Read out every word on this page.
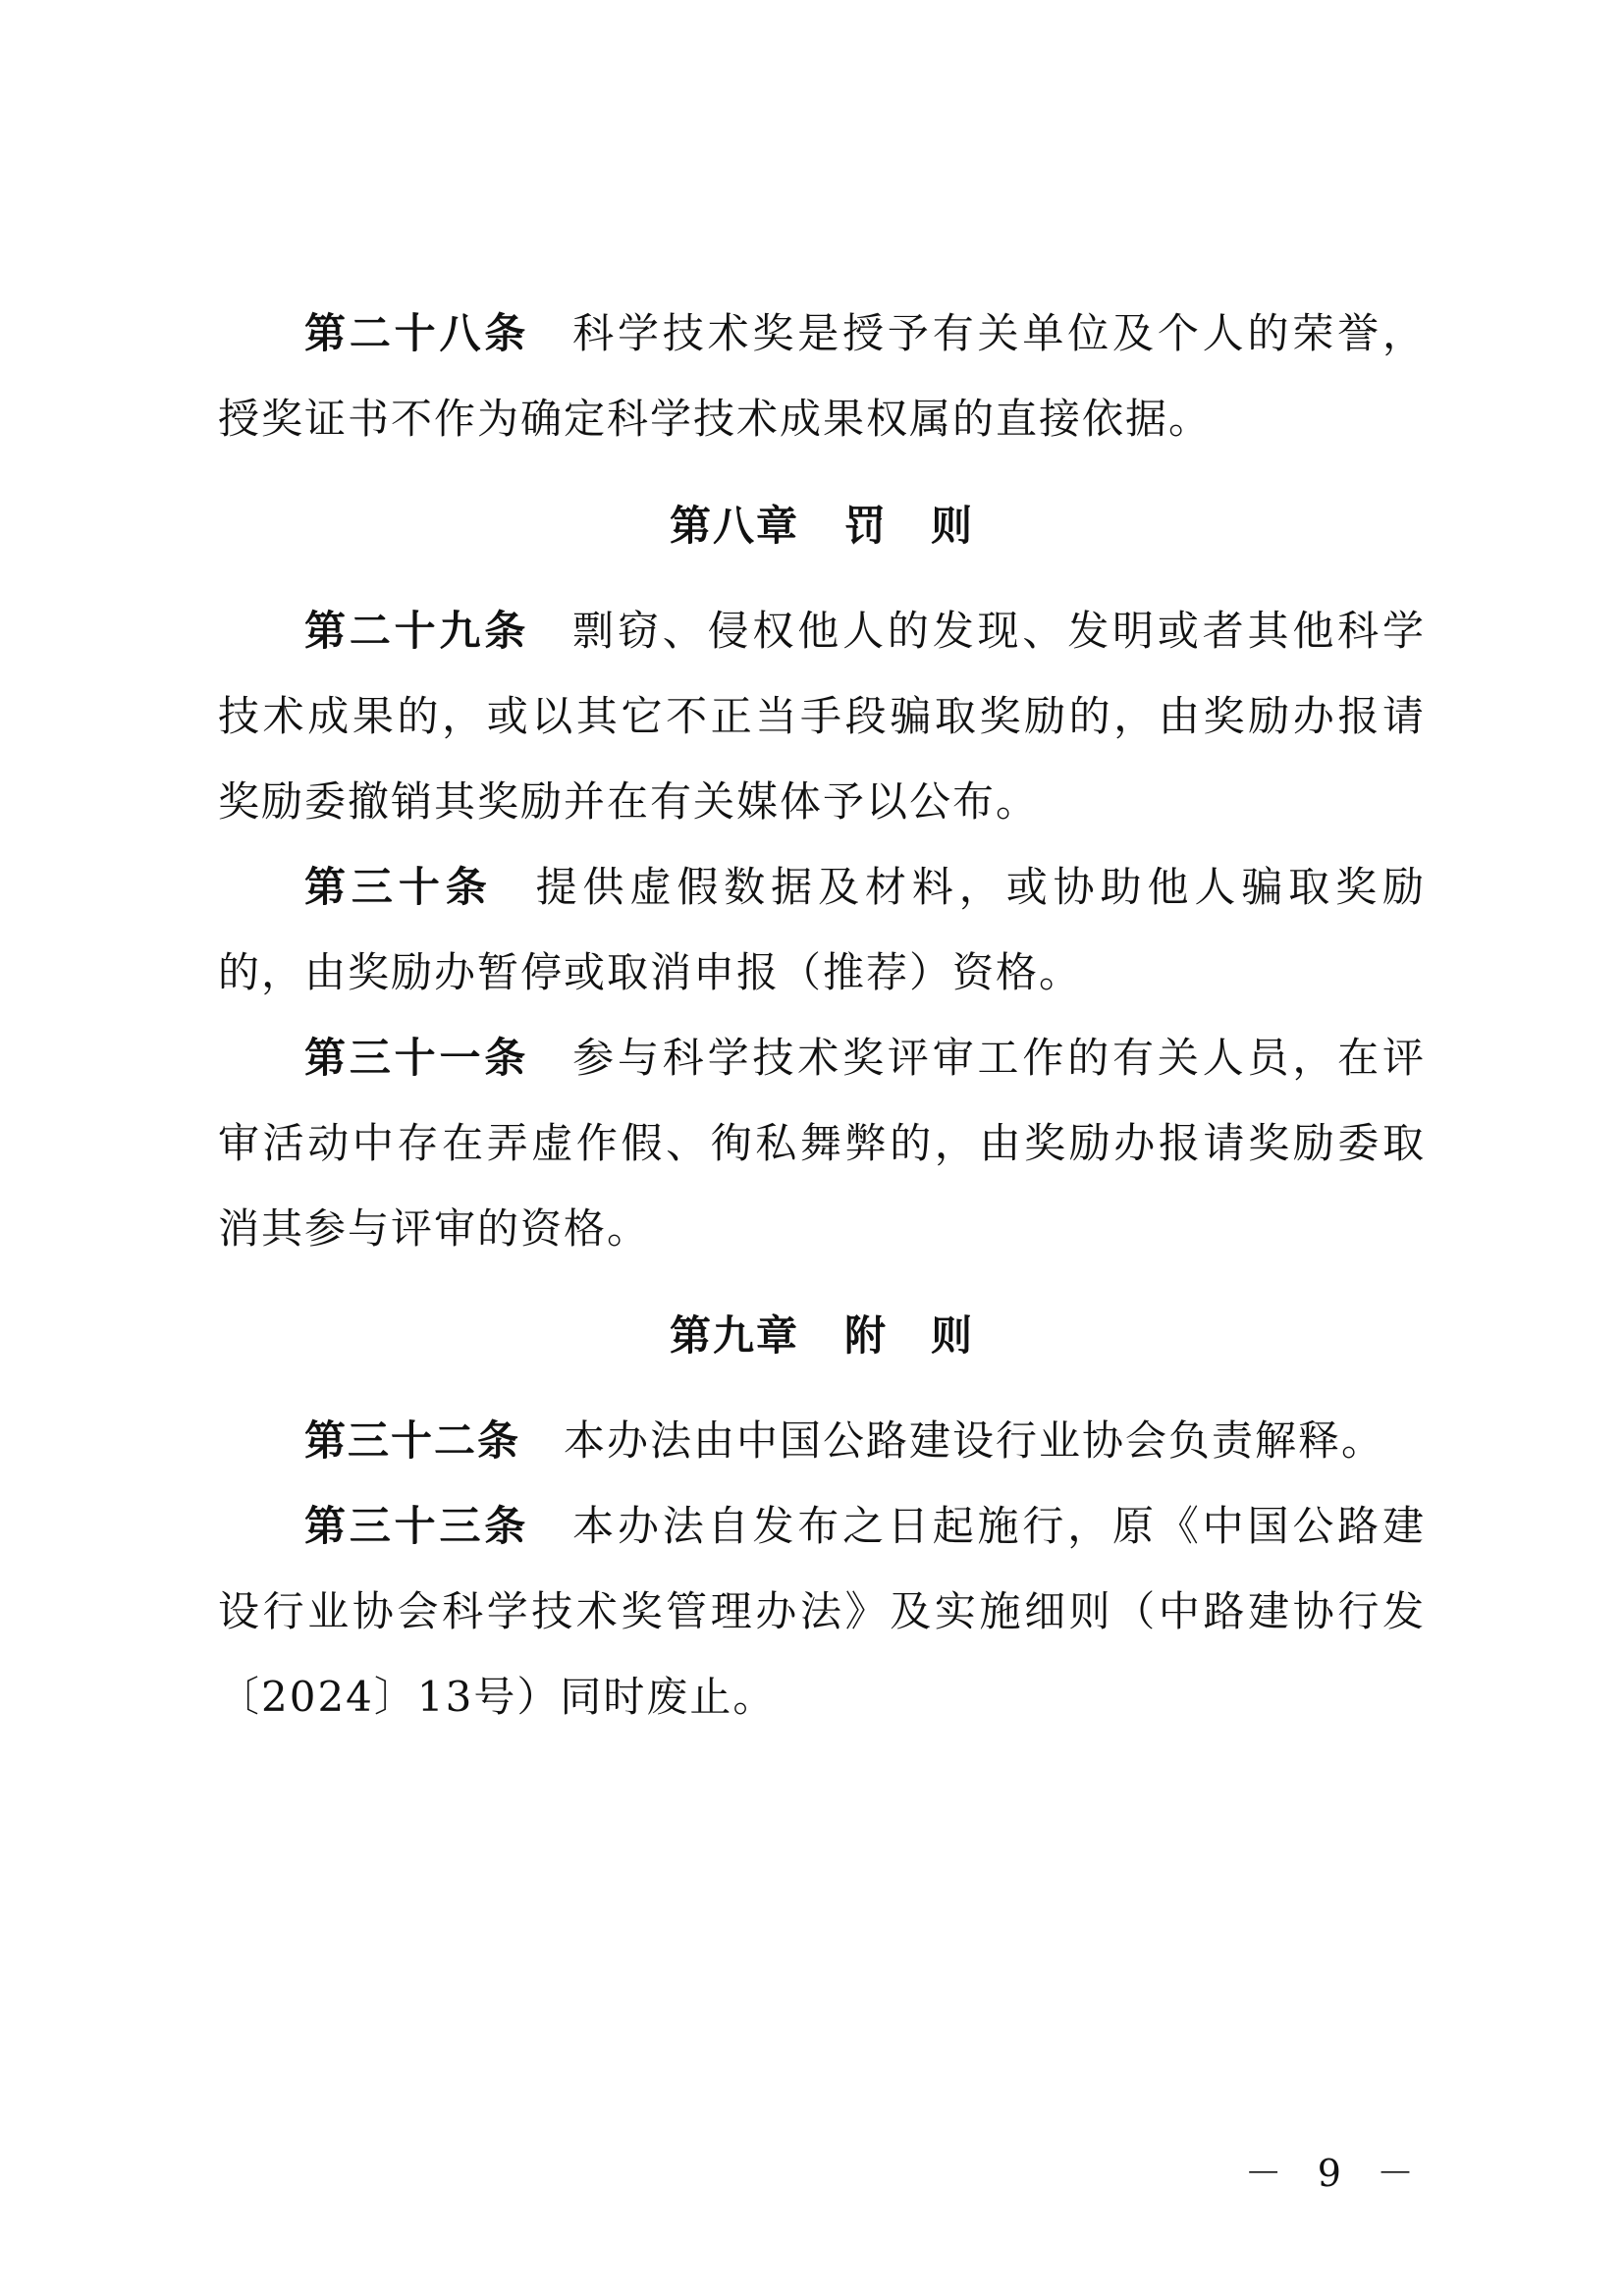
第二十八条 科学技术奖是授予有关单位及个人的荣誉，授奖证书不作为确定科学技术成果权属的直接依据。

第八章 罚　则

第二十九条 剽窃、侵权他人的发现、发明或者其他科学技术成果的，或以其它不正当手段骗取奖励的，由奖励办报请奖励委撤销其奖励并在有关媒体予以公布。

第三十条 提供虚假数据及材料，或协助他人骗取奖励的，由奖励办暂停或取消申报（推荐）资格。

第三十一条 参与科学技术奖评审工作的有关人员，在评审活动中存在弄虚作假、徇私舞弊的，由奖励办报请奖励委取消其参与评审的资格。

第九章 附　则

第三十二条 本办法由中国公路建设行业协会负责解释。

第三十三条 本办法自发布之日起施行，原《中国公路建设行业协会科学技术奖管理办法》及实施细则（中路建协行发〔2024〕13号）同时废止。

－ 9 －
